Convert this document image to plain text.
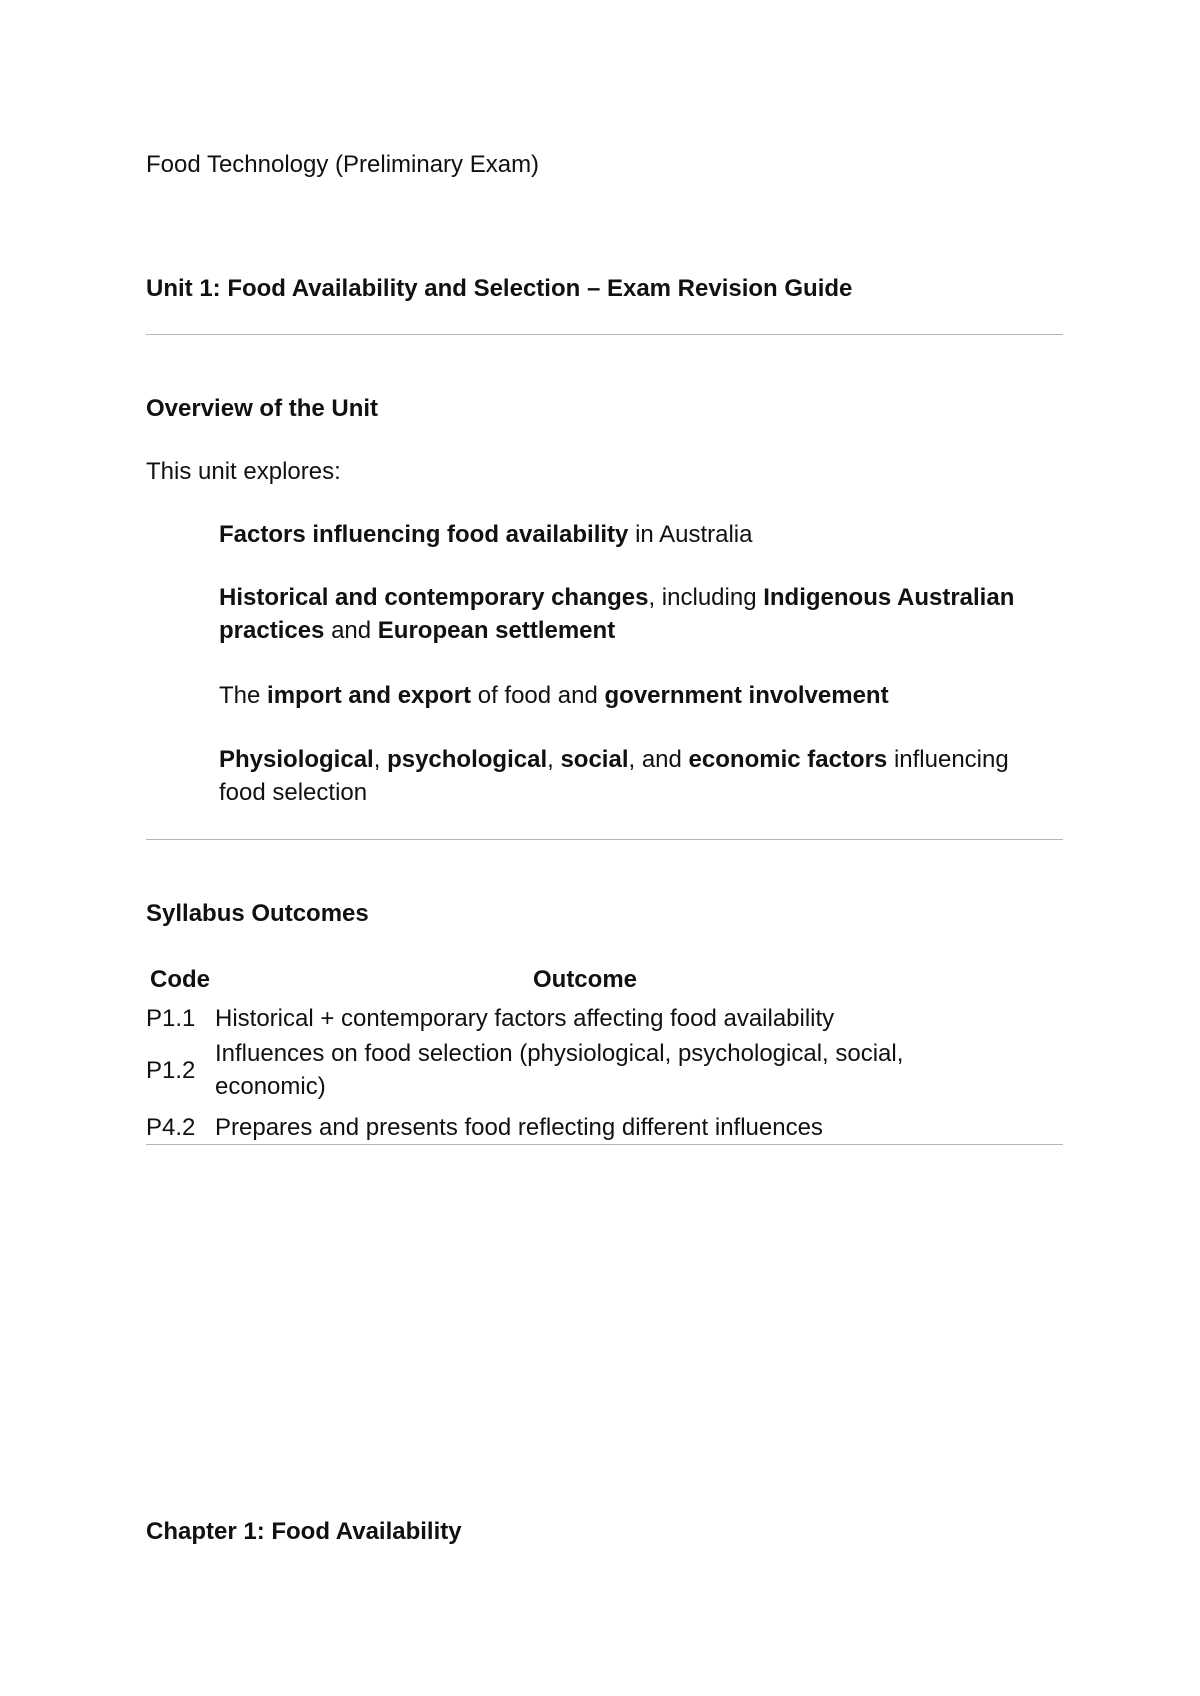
Food Technology (Preliminary Exam)

Unit 1: Food Availability and Selection – Exam Revision Guide

Overview of the Unit

This unit explores:

Factors influencing food availability in Australia
Historical and contemporary changes, including Indigenous Australian practices and European settlement
The import and export of food and government involvement
Physiological, psychological, social, and economic factors influencing food selection

Syllabus Outcomes

Code	Outcome
P1.1 Historical + contemporary factors affecting food availability
P1.2
Influences on food selection (physiological, psychological, social, economic)
P4.2 Prepares and presents food reflecting different influences

Chapter 1: Food Availability
